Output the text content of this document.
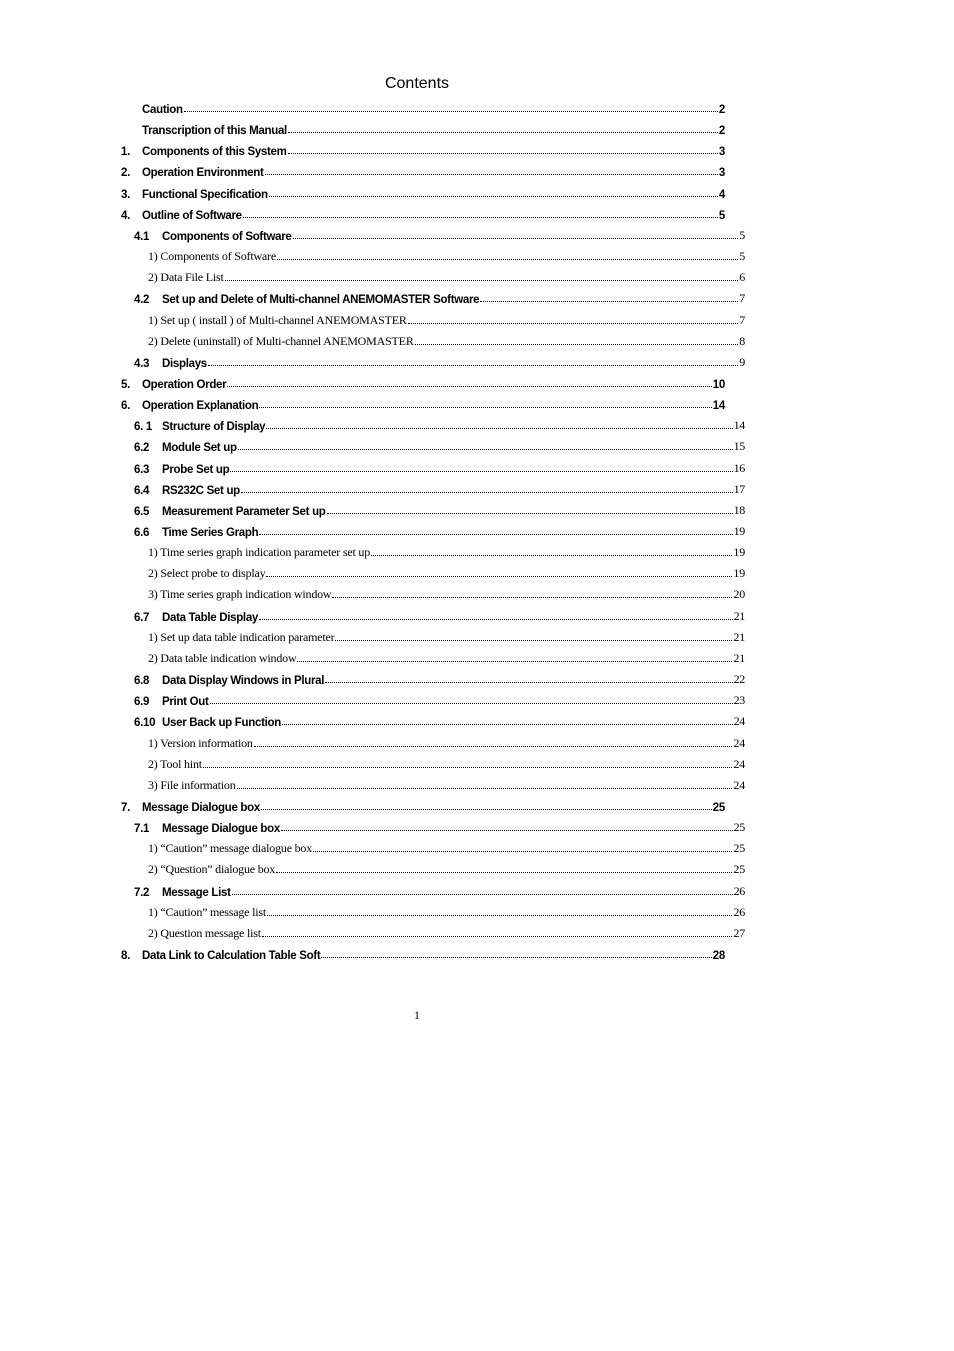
Contents
Caution	2
Transcription of this Manual	2
1.	Components of this System	3
2.	Operation Environment	3
3.	Functional Specification	4
4.	Outline of Software	5
4.1	Components of Software	5
1) Components of Software	5
2) Data File List	6
4.2	Set up and Delete of Multi-channel ANEMOMASTER Software	7
1) Set up ( install ) of Multi-channel ANEMOMASTER	7
2) Delete (uninstall) of Multi-channel ANEMOMASTER	8
4.3	Displays	9
5.	Operation Order	10
6.	Operation Explanation	14
6. 1 Structure of Display	14
6.2	Module Set up	15
6.3	Probe Set up	16
6.4	RS232C Set up	17
6.5	Measurement Parameter Set up	18
6.6	Time Series Graph	19
1) Time series graph indication parameter set up	19
2) Select probe to display	19
3) Time series graph indication window	20
6.7	Data Table Display	21
1) Set up data table indication parameter	21
2) Data table indication window	21
6.8	Data Display Windows in Plural	22
6.9	Print Out	23
6.10 User Back up Function	24
1) Version information	24
2) Tool hint	24
3) File information	24
7.	Message Dialogue box	25
7.1	Message Dialogue box	25
1) “Caution” message dialogue box	25
2) “Question” dialogue box	25
7.2	Message List	26
1) “Caution” message list	26
2) Question message list	27
8.	Data Link to Calculation Table Soft	28
1
